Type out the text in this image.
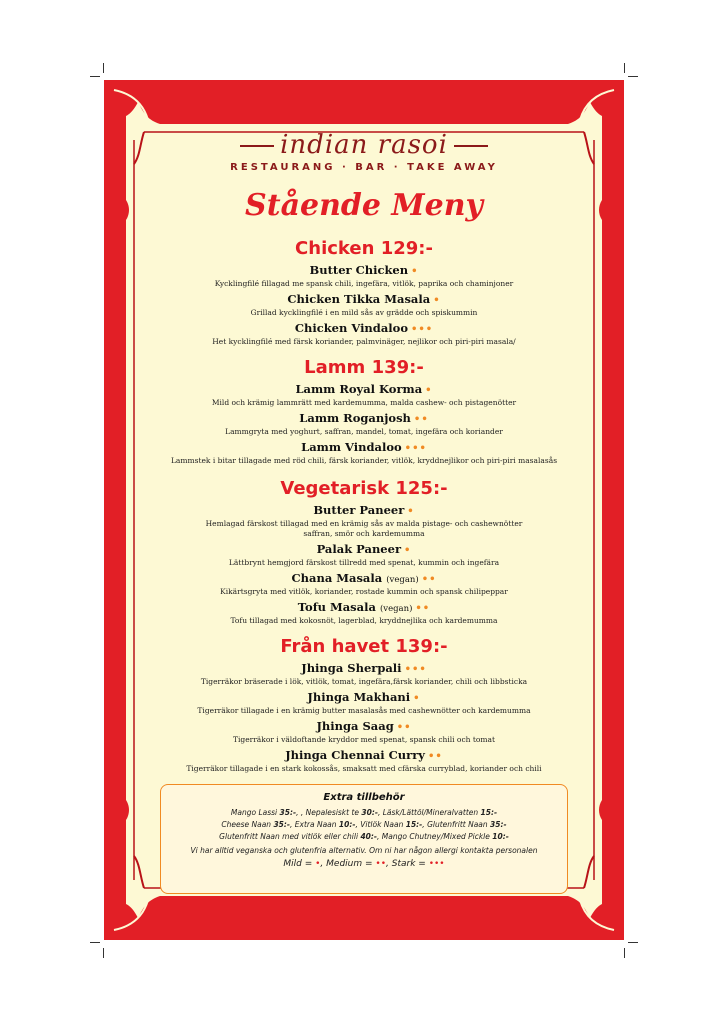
indian rasoi
RESTAURANG · BAR · TAKE AWAY
Stående Meny
Chicken 129:-
Butter Chicken •
Kycklingfilé fillagad me spansk chili, ingefära, vitlök, paprika och chaminjoner
Chicken Tikka Masala •
Grillad kycklingfilé i en mild sås av grädde och spiskummin
Chicken Vindaloo •••
Het kycklingfilé med färsk koriander, palmvinäger, nejlikor och piri-piri masala/
Lamm 139:-
Lamm Royal Korma •
Mild och krämig lammrätt med kardemumma, malda cashew- och pistagenötter
Lamm Roganjosh ••
Lammgryta med yoghurt, saffran, mandel, tomat, ingefära och koriander
Lamm Vindaloo •••
Lammstek i bitar tillagade med röd chili, färsk koriander, vitlök, kryddnejlikor och piri-piri masalasås
Vegetarisk 125:-
Butter Paneer •
Hemlagad färskost tillagad med en krämig sås av malda pistage- och cashewnötter
saffran, smör och kardemumma
Palak Paneer •
Lättbrynt hemgjord färskost tillredd med spenat, kummin och ingefära
Chana Masala (vegan) ••
Kikärtsgryta med vitlök, koriander, rostade kummin och spansk chilipeppar
Tofu Masala (vegan) ••
Tofu tillagad med kokosnöt, lagerblad, kryddnejlika och kardemumma
Från havet 139:-
Jhinga Sherpali •••
Tigerräkor bräserade i lök, vitlök, tomat, ingefära,färsk koriander, chili och libbsticka
Jhinga Makhani •
Tigerräkor tillagade i en krämig butter masalasås med cashewnötter och kardemumma
Jhinga Saag ••
Tigerräkor i väldoftande kryddor med spenat, spansk chili och tomat
Jhinga Chennai Curry ••
Tigerräkor tillagade i en stark kokossås, smaksatt med cfärska curryblad, koriander och chili
Extra tillbehör
Mango Lassi 35:-, , Nepalesiskt te 30:-, Läsk/Lättöl/Mineralvatten 15:-
Cheese Naan 35:-, Extra Naan 10:-, Vitlök Naan 15:-, Glutenfritt Naan 35:-
Glutenfritt Naan med vitlök eller chili 40:-, Mango Chutney/Mixed Pickle 10:-
Vi har alltid veganska och glutenfria alternativ. Om ni har någon allergi kontakta personalen
Mild = •, Medium = ••, Stark = •••
